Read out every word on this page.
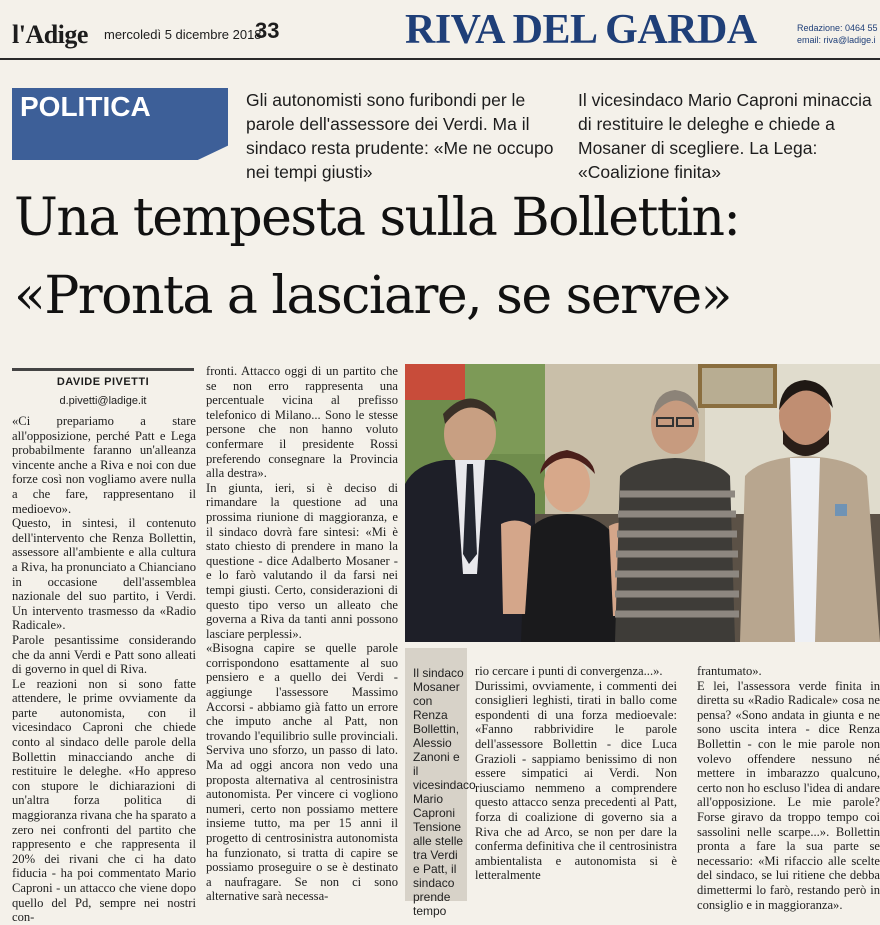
l'Adige mercoledì 5 dicembre 2018
33	RIVA DEL GARDA	Redazione: 0464 55
email: riva@ladige.i
POLITICA	Gli autonomisti sono furibondi per le parole dell'assessore dei Verdi. Ma il sindaco resta prudente: «Me ne occupo nei tempi giusti»
Il vicesindaco Mario Caproni minaccia di restituire le deleghe e chiede a Mosaner di scegliere. La Lega: «Coalizione finita»
Una tempesta sulla Bollettin:
«Pronta a lasciare, se serve»
DAVIDE PIVETTI
d.pivetti@ladige.it

«Ci prepariamo a stare all'opposizione, perché Patt e Lega probabilmente faranno un'alleanza vincente anche a Riva e noi con due forze così non vogliamo avere nulla a che fare, rappresentano il medioevo».

Questo, in sintesi, il contenuto dell'intervento che Renza Bollettin, assessore all'ambiente e alla cultura a Riva, ha pronunciato a Chianciano in occasione dell'assemblea nazionale del suo partito, i Verdi. Un intervento trasmesso da «Radio Radicale».

Parole pesantissime considerando che da anni Verdi e Patt sono alleati di governo in quel di Riva.

Le reazioni non si sono fatte attendere, le prime ovviamente da parte autonomista, con il vicesindaco Caproni che chiede conto al sindaco delle parole della Bollettin minacciando anche di restituire le deleghe. «Ho appreso con stupore le dichiarazioni di un'altra forza politica di maggioranza rivana che ha sparato a zero nei confronti del partito che rappresento e che rappresenta il 20% dei rivani che ci ha dato fiducia - ha poi commentato Mario Caproni - un attacco che viene dopo quello del Pd, sempre nei nostri con-

fronti. Attacco oggi di un partito che se non erro rappresenta una percentuale vicina al prefisso telefonico di Milano... Sono le stesse persone che non hanno voluto confermare il presidente Rossi preferendo consegnare la Provincia alla destra».

In giunta, ieri, si è deciso di rimandare la questione ad una prossima riunione di maggioranza, e il sindaco dovrà fare sintesi: «Mi è stato chiesto di prendere in mano la questione - dice Adalberto Mosaner - e lo farò valutando il da farsi nei tempi giusti. Certo, considerazioni di questo tipo verso un alleato che governa a Riva da tanti anni possono lasciare perplessi».

«Bisogna capire se quelle parole corrispondono esattamente al suo pensiero e a quello dei Verdi - aggiunge l'assessore Massimo Accorsi - abbiamo già fatto un errore che imputo anche al Patt, non trovando l'equilibrio sulle provinciali. Serviva uno sforzo, un passo di lato. Ma ad oggi ancora non vedo una proposta alternativa al centrosinistra autonomista. Per vincere ci vogliono numeri, certo non possiamo mettere insieme tutto, ma per 15 anni il progetto di centrosinistra autonomista ha funzionato, si tratta di capire se possiamo proseguire o se è destinato a naufragare. Se non ci sono alternative sarà necessa-

Il sindaco Mosaner con Renza Bollettin, Alessio Zanoni e il vicesindaco Mario Caproni Tensione alle stelle tra Verdi e Patt, il sindaco prende tempo

rio cercare i punti di convergenza...».

Durissimi, ovviamente, i commenti dei consiglieri leghisti, tirati in ballo come espondenti di una forza medioevale: «Fanno rabbrividire le parole dell'assessore Bollettin - dice Luca Grazioli - sappiamo benissimo di non essere simpatici ai Verdi. Non riusciamo nemmeno a comprendere questo attacco senza precedenti al Patt, forza di coalizione di governo sia a Riva che ad Arco, se non per dare la conferma definitiva che il centrosinistra ambientalista e autonomista si è letteralmente

frantumato».

E lei, l'assessora verde finita in diretta su «Radio Radicale» cosa ne pensa? «Sono andata in giunta e ne sono uscita intera - dice Renza Bollettin - con le mie parole non volevo offendere nessuno né mettere in imbarazzo qualcuno, certo non ho escluso l'idea di andare all'opposizione. Le mie parole? Forse giravo da troppo tempo coi sassolini nelle scarpe...». Bollettin pronta a fare la sua parte se necessario: «Mi rifaccio alle scelte del sindaco, se lui ritiene che debba dimettermi lo farò, restando però in consiglio e in maggioranza».
